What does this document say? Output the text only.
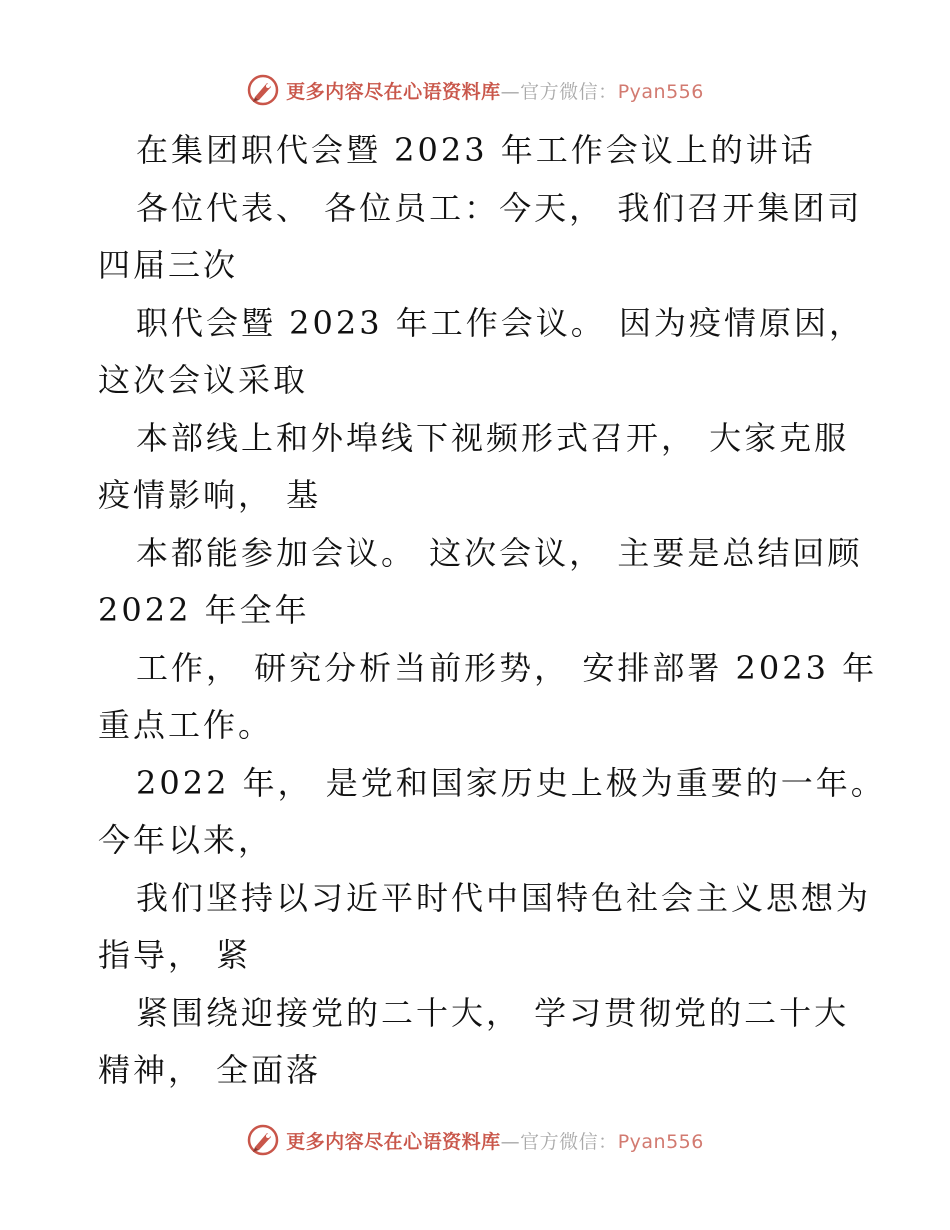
更多内容尽在心语资料库—官方微信：Pyan556
在集团职代会暨 2023 年工作会议上的讲话
各位代表、 各位员工：今天， 我们召开集团司
四届三次
职代会暨 2023 年工作会议。 因为疫情原因，
这次会议采取
本部线上和外埠线下视频形式召开， 大家克服
疫情影响， 基
本都能参加会议。 这次会议， 主要是总结回顾
2022 年全年
工作， 研究分析当前形势， 安排部署 2023 年
重点工作。
2022 年， 是党和国家历史上极为重要的一年。
今年以来，
我们坚持以习近平时代中国特色社会主义思想为
指导， 紧
紧围绕迎接党的二十大， 学习贯彻党的二十大
精神， 全面落
更多内容尽在心语资料库—官方微信：Pyan556
